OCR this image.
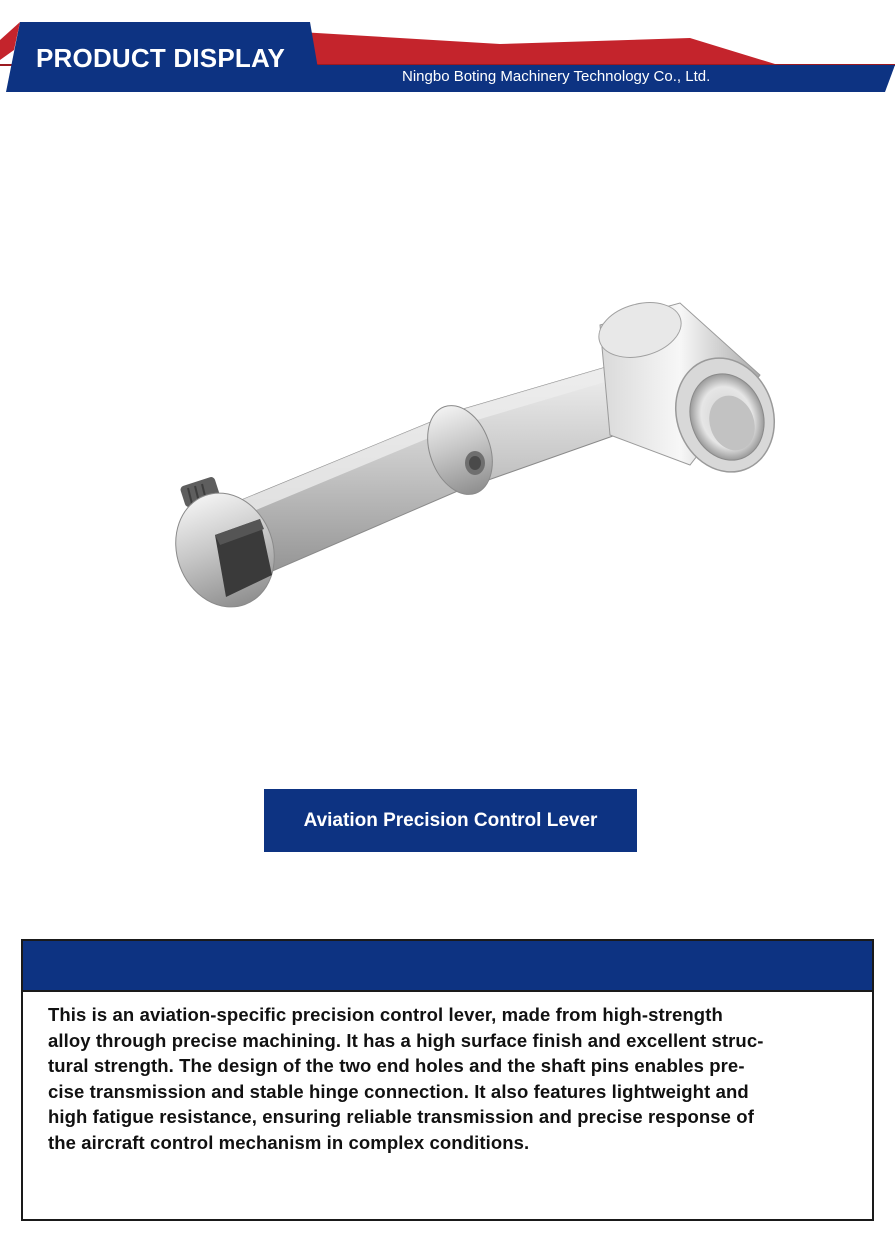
PRODUCT DISPLAY
Ningbo Boting Machinery Technology Co., Ltd.
Aviation Precision Control Lever
This is an aviation-specific precision control lever, made from high-strength
alloy through precise machining. It has a high surface finish and excellent struc-
tural strength. The design of the two end holes and the shaft pins enables pre-
cise transmission and stable hinge connection. It also features lightweight and
high fatigue resistance, ensuring reliable transmission and precise response of
the aircraft control mechanism in complex conditions.
